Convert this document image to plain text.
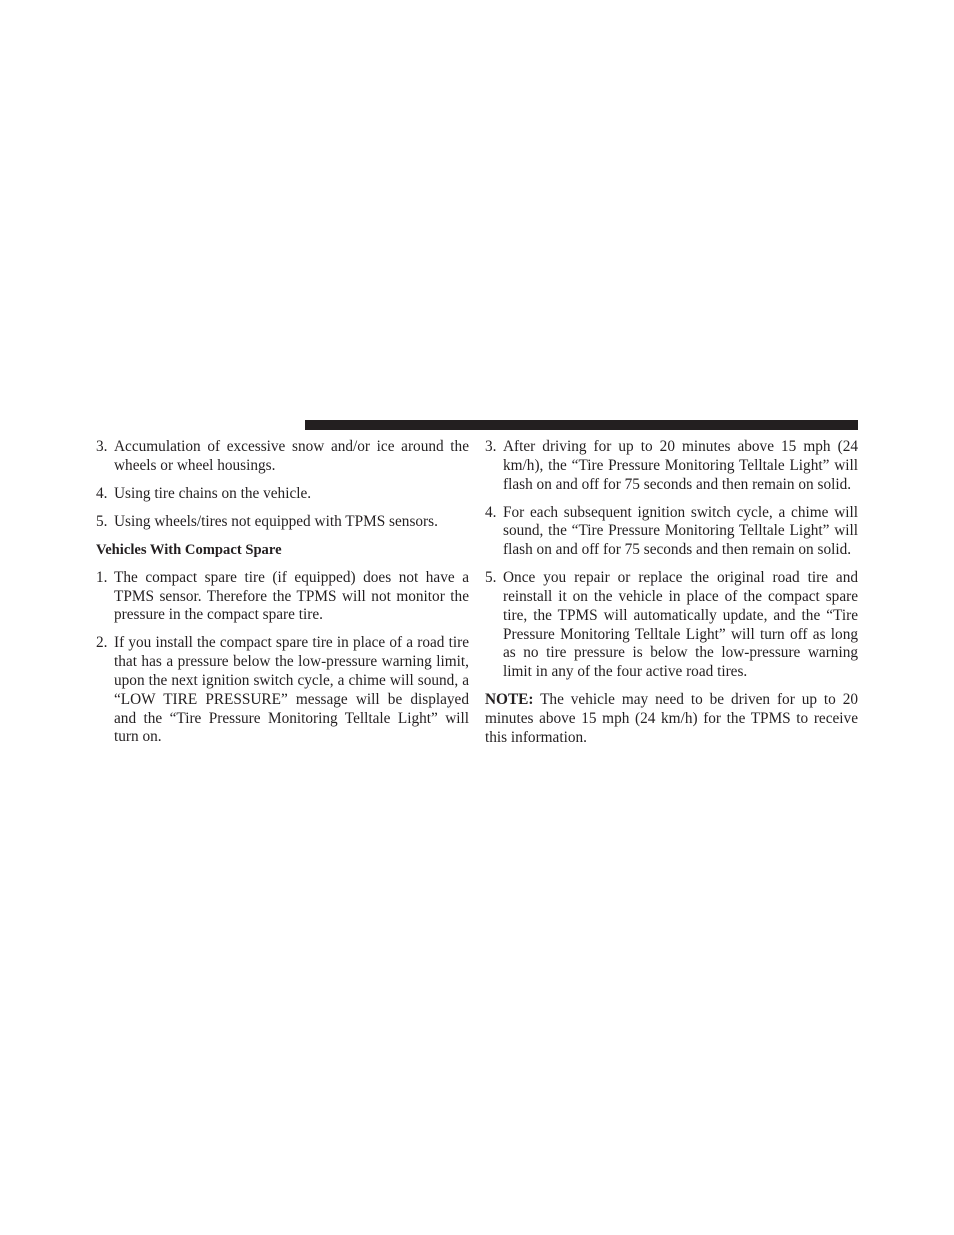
3. Accumulation of excessive snow and/or ice around the wheels or wheel housings.
4. Using tire chains on the vehicle.
5. Using wheels/tires not equipped with TPMS sensors.
Vehicles With Compact Spare
1. The compact spare tire (if equipped) does not have a TPMS sensor. Therefore the TPMS will not monitor the pressure in the compact spare tire.
2. If you install the compact spare tire in place of a road tire that has a pressure below the low-pressure warning limit, upon the next ignition switch cycle, a chime will sound, a “LOW TIRE PRESSURE” message will be displayed and the “Tire Pressure Monitoring Telltale Light” will turn on.
3. After driving for up to 20 minutes above 15 mph (24 km/h), the “Tire Pressure Monitoring Telltale Light” will flash on and off for 75 seconds and then remain on solid.
4. For each subsequent ignition switch cycle, a chime will sound, the “Tire Pressure Monitoring Telltale Light” will flash on and off for 75 seconds and then remain on solid.
5. Once you repair or replace the original road tire and reinstall it on the vehicle in place of the compact spare tire, the TPMS will automatically update, and the “Tire Pressure Monitoring Telltale Light” will turn off as long as no tire pressure is below the low-pressure warning limit in any of the four active road tires.
NOTE: The vehicle may need to be driven for up to 20 minutes above 15 mph (24 km/h) for the TPMS to receive this information.
